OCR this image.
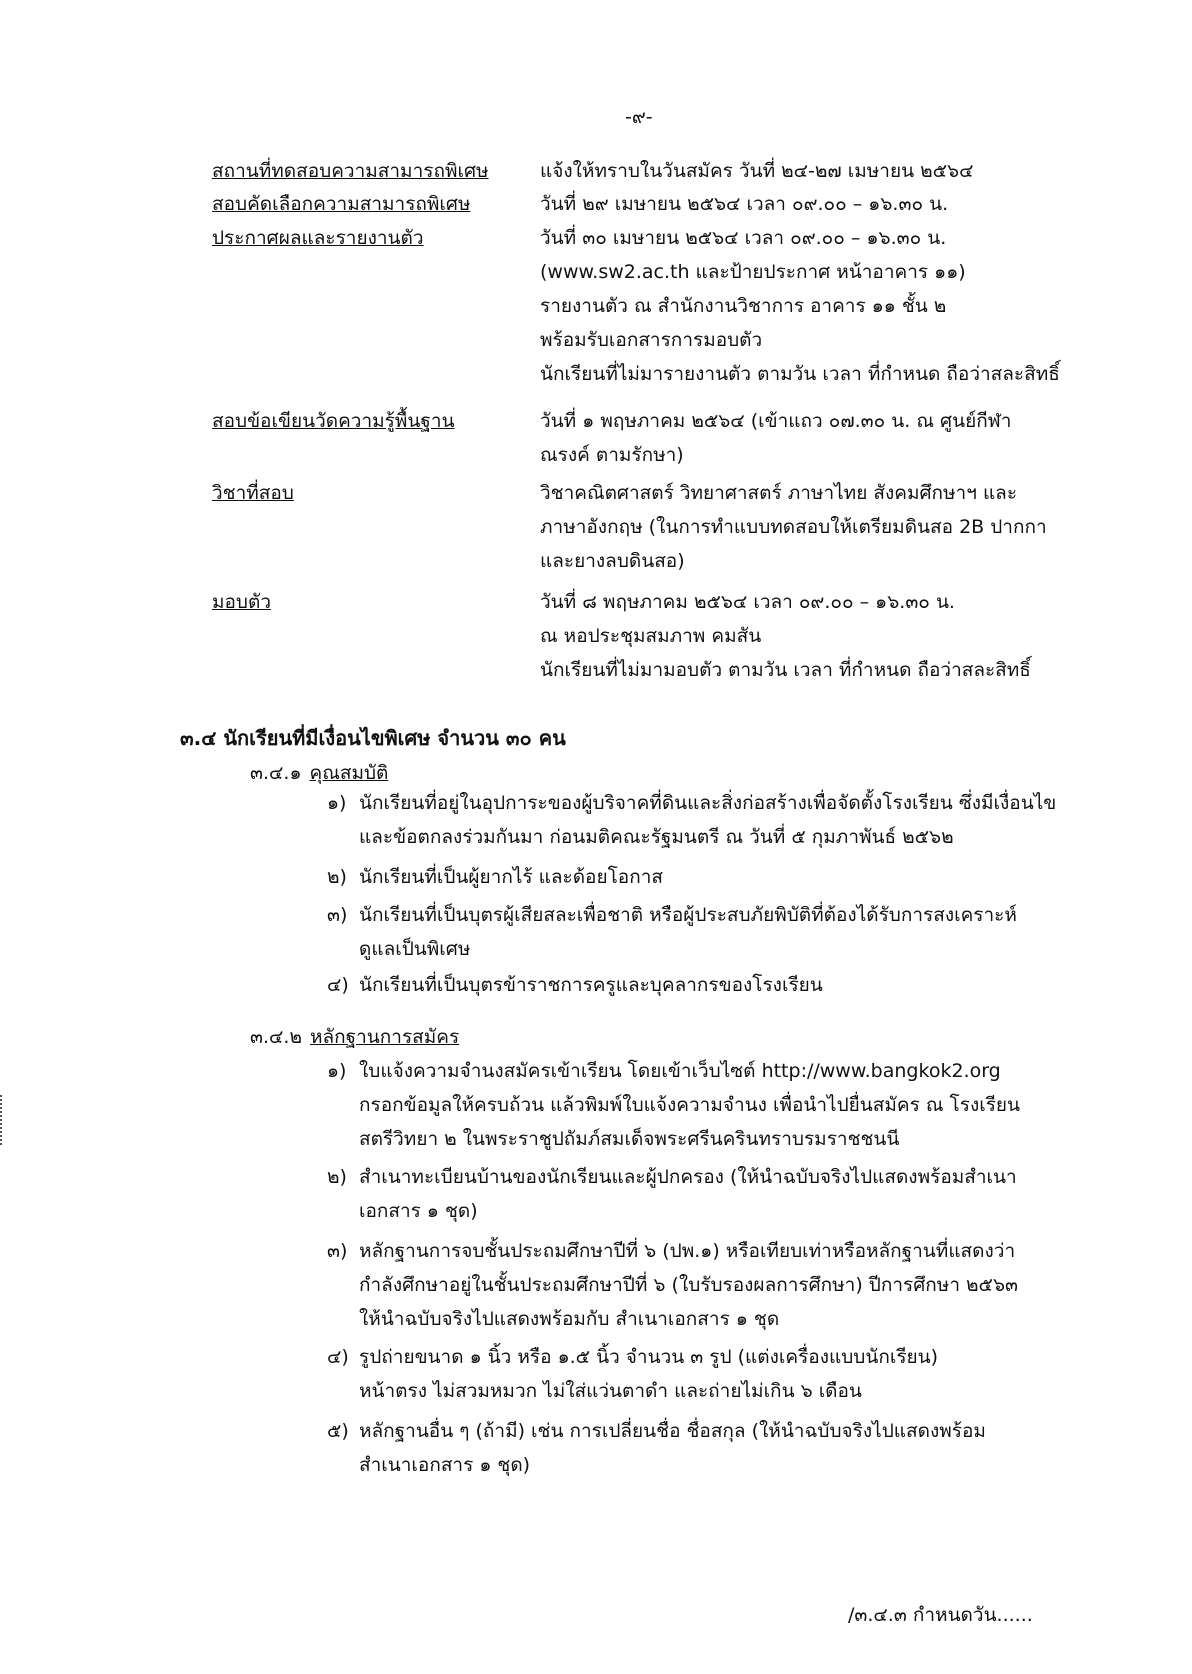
-๙-
สถานที่ทดสอบความสามารถพิเศษ	แจ้งให้ทราบในวันสมัคร วันที่ ๒๔-๒๗ เมษายน ๒๕๖๔
สอบคัดเลือกความสามารถพิเศษ	วันที่ ๒๙ เมษายน ๒๕๖๔ เวลา ๐๙.๐๐ – ๑๖.๓๐ น.
ประกาศผลและรายงานตัว	วันที่ ๓๐ เมษายน ๒๕๖๔ เวลา ๐๙.๐๐ – ๑๖.๓๐ น.
(www.sw2.ac.th และป้ายประกาศ หน้าอาคาร ๑๑)
รายงานตัว ณ สำนักงานวิชาการ อาคาร ๑๑ ชั้น ๒
พร้อมรับเอกสารการมอบตัว
นักเรียนที่ไม่มารายงานตัว ตามวัน เวลา ที่กำหนด ถือว่าสละสิทธิ์
สอบข้อเขียนวัดความรู้พื้นฐาน	วันที่ ๑ พฤษภาคม ๒๕๖๔ (เข้าแถว ๐๗.๓๐ น. ณ ศูนย์กีฬา
ณรงค์ ตามรักษา)
วิชาที่สอบ	วิชาคณิตศาสตร์ วิทยาศาสตร์ ภาษาไทย สังคมศึกษาฯ และ
ภาษาอังกฤษ (ในการทำแบบทดสอบให้เตรียมดินสอ 2B ปากกา
และยางลบดินสอ)
มอบตัว	วันที่ ๘ พฤษภาคม ๒๕๖๔ เวลา ๐๙.๐๐ – ๑๖.๓๐ น.
ณ หอประชุมสมภาพ คมสัน
นักเรียนที่ไม่มามอบตัว ตามวัน เวลา ที่กำหนด ถือว่าสละสิทธิ์
๓.๔ นักเรียนที่มีเงื่อนไขพิเศษ จำนวน ๓๐ คน
๓.๔.๑ คุณสมบัติ
๑) นักเรียนที่อยู่ในอุปการะของผู้บริจาคที่ดินและสิ่งก่อสร้างเพื่อจัดตั้งโรงเรียน ซึ่งมีเงื่อนไข
และข้อตกลงร่วมกันมา ก่อนมติคณะรัฐมนตรี ณ วันที่ ๕ กุมภาพันธ์ ๒๕๖๒
๒) นักเรียนที่เป็นผู้ยากไร้ และด้อยโอกาส
๓) นักเรียนที่เป็นบุตรผู้เสียสละเพื่อชาติ หรือผู้ประสบภัยพิบัติที่ต้องได้รับการสงเคราะห์
ดูแลเป็นพิเศษ
๔) นักเรียนที่เป็นบุตรข้าราชการครูและบุคลากรของโรงเรียน
๓.๔.๒ หลักฐานการสมัคร
๑) ใบแจ้งความจำนงสมัครเข้าเรียน โดยเข้าเว็บไซต์ http://www.bangkok2.org
กรอกข้อมูลให้ครบถ้วน แล้วพิมพ์ใบแจ้งความจำนง เพื่อนำไปยื่นสมัคร ณ โรงเรียน
สตรีวิทยา ๒ ในพระราชูปถัมภ์สมเด็จพระศรีนครินทราบรมราชชนนี
๒) สำเนาทะเบียนบ้านของนักเรียนและผู้ปกครอง (ให้นำฉบับจริงไปแสดงพร้อมสำเนา
เอกสาร ๑ ชุด)
๓) หลักฐานการจบชั้นประถมศึกษาปีที่ ๖ (ปพ.๑) หรือเทียบเท่าหรือหลักฐานที่แสดงว่า
กำลังศึกษาอยู่ในชั้นประถมศึกษาปีที่ ๖ (ใบรับรองผลการศึกษา) ปีการศึกษา ๒๕๖๓
ให้นำฉบับจริงไปแสดงพร้อมกับ สำเนาเอกสาร ๑ ชุด
๔) รูปถ่ายขนาด ๑ นิ้ว หรือ ๑.๕ นิ้ว จำนวน ๓ รูป (แต่งเครื่องแบบนักเรียน)
หน้าตรง ไม่สวมหมวก ไม่ใส่แว่นตาดำ และถ่ายไม่เกิน ๖ เดือน
๕) หลักฐานอื่น ๆ (ถ้ามี) เช่น การเปลี่ยนชื่อ ชื่อสกุล (ให้นำฉบับจริงไปแสดงพร้อม
สำเนาเอกสาร ๑ ชุด)
/๓.๔.๓ กำหนดวัน......
